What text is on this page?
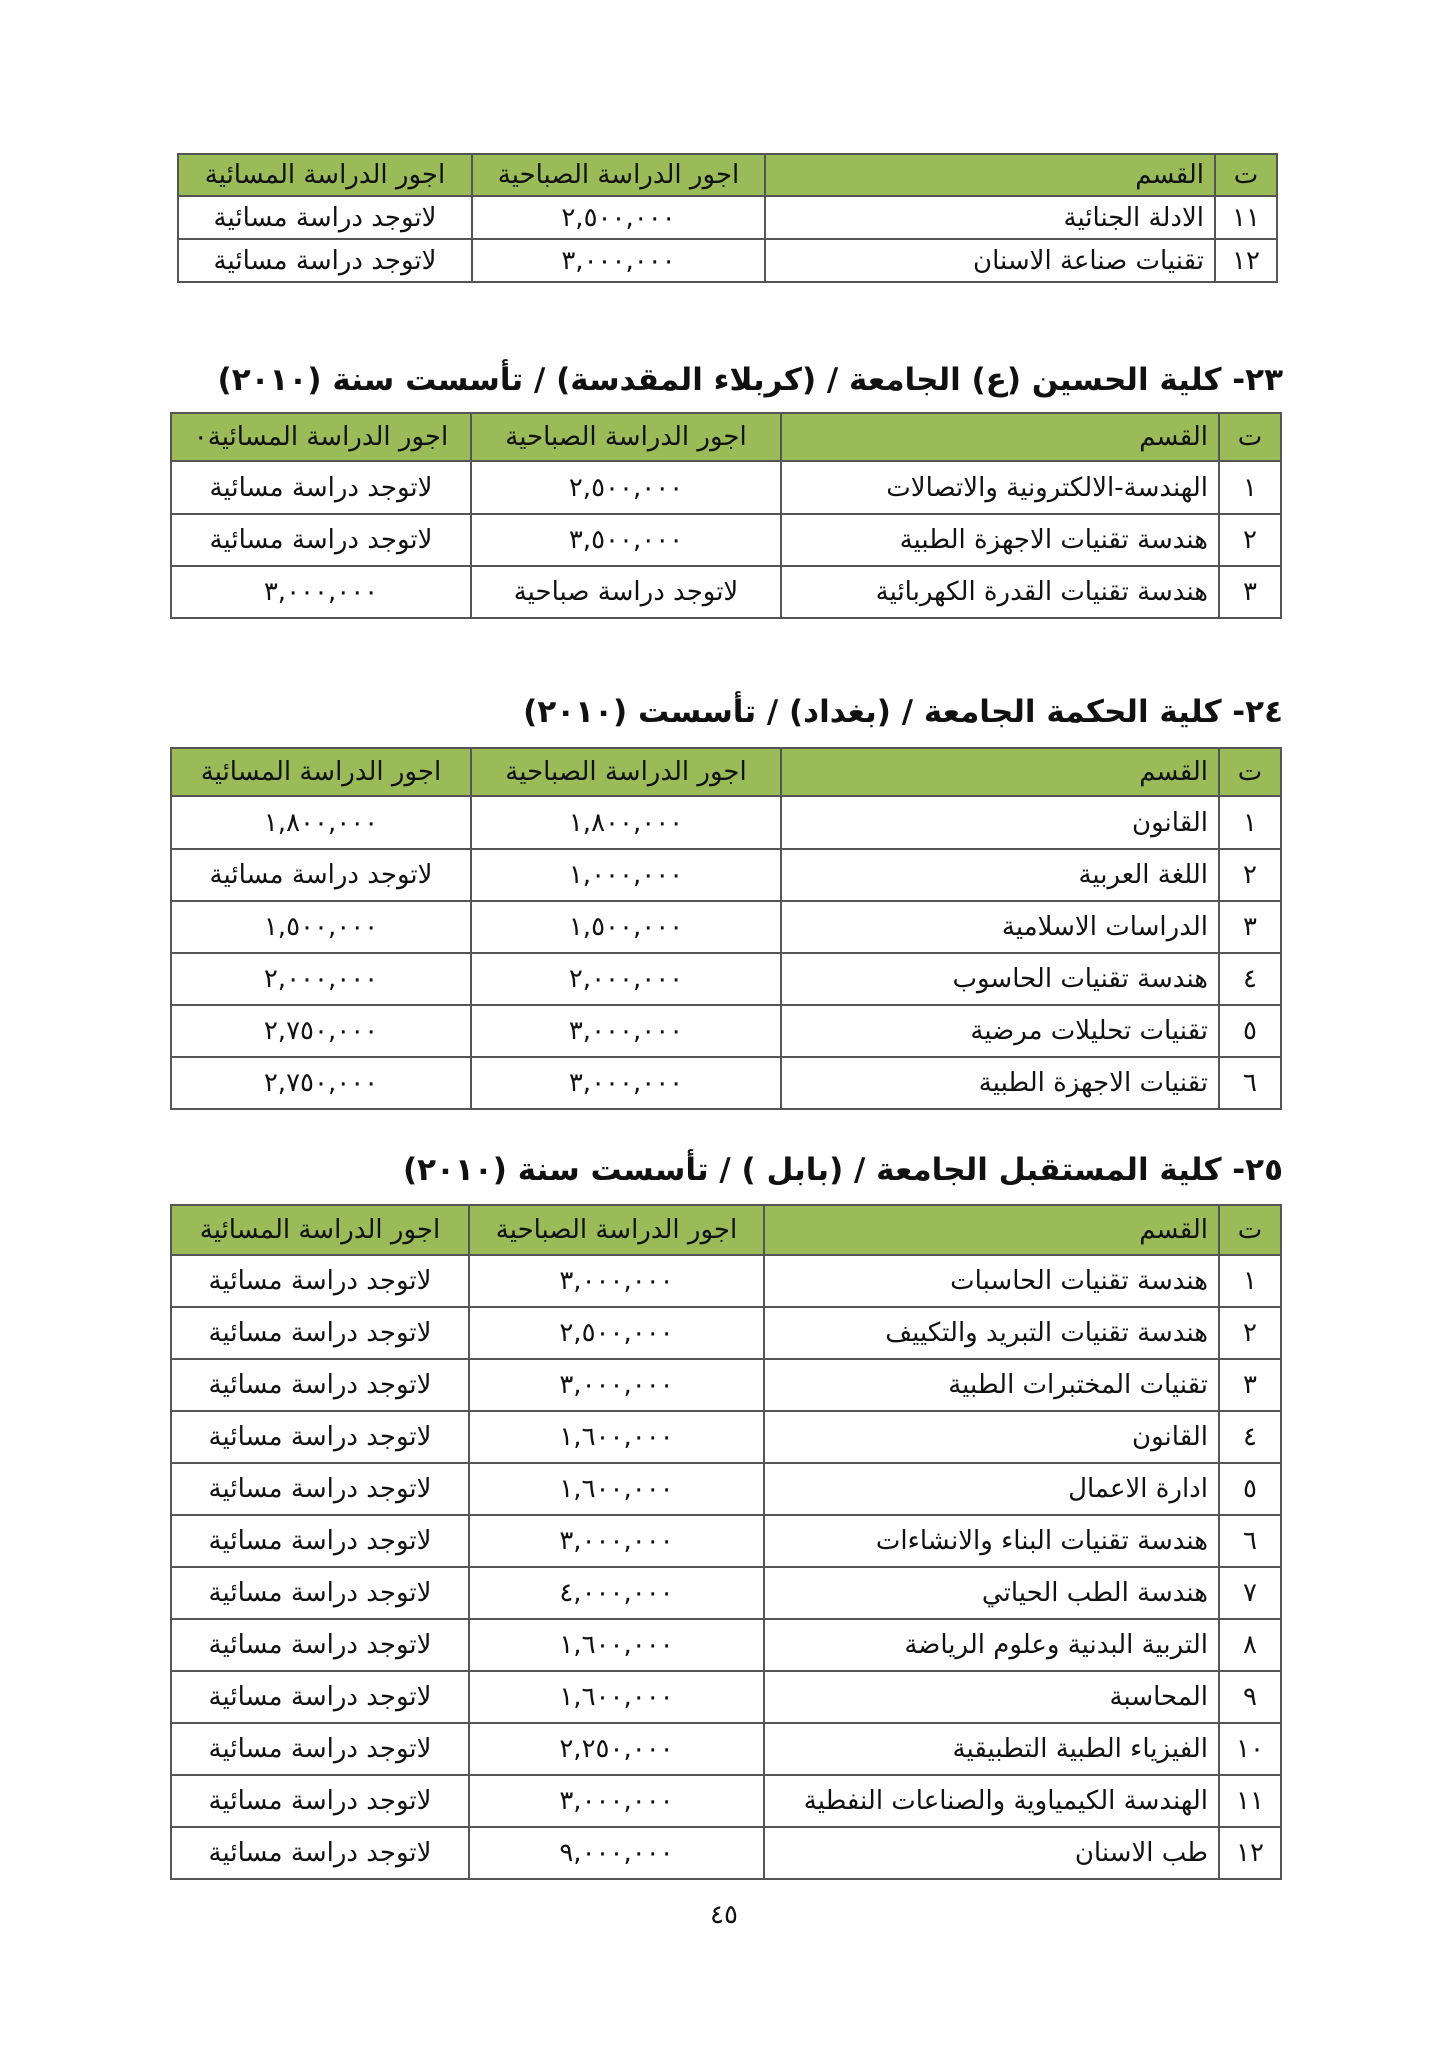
ت	القسم	اجور الدراسة الصباحية	اجور الدراسة المسائية
١١	الادلة الجنائية	٢,٥٠٠,٠٠٠	لاتوجد دراسة مسائية
١٢	تقنيات صناعة الاسنان	٣,٠٠٠,٠٠٠	لاتوجد دراسة مسائية
٢٣- كلية الحسين (ع) الجامعة / (كربلاء المقدسة) / تأسست سنة (٢٠١٠)
ت	القسم	اجور الدراسة الصباحية	اجور الدراسة المسائية٠
١	الهندسة-الالكترونية والاتصالات	٢,٥٠٠,٠٠٠	لاتوجد دراسة مسائية
٢	هندسة تقنيات الاجهزة الطبية	٣,٥٠٠,٠٠٠	لاتوجد دراسة مسائية
٣	هندسة تقنيات القدرة الكهربائية	لاتوجد دراسة صباحية	٣,٠٠٠,٠٠٠
٢٤- كلية الحكمة الجامعة / (بغداد) / تأسست (٢٠١٠)
ت	القسم	اجور الدراسة الصباحية	اجور الدراسة المسائية
١	القانون	١,٨٠٠,٠٠٠	١,٨٠٠,٠٠٠
٢	اللغة العربية	١,٠٠٠,٠٠٠	لاتوجد دراسة مسائية
٣	الدراسات الاسلامية	١,٥٠٠,٠٠٠	١,٥٠٠,٠٠٠
٤	هندسة تقنيات الحاسوب	٢,٠٠٠,٠٠٠	٢,٠٠٠,٠٠٠
٥	تقنيات تحليلات مرضية	٣,٠٠٠,٠٠٠	٢,٧٥٠,٠٠٠
٦	تقنيات الاجهزة الطبية	٣,٠٠٠,٠٠٠	٢,٧٥٠,٠٠٠
٢٥- كلية المستقبل الجامعة / (بابل ) / تأسست سنة (٢٠١٠)
ت	القسم	اجور الدراسة الصباحية	اجور الدراسة المسائية
١	هندسة تقنيات الحاسبات	٣,٠٠٠,٠٠٠	لاتوجد دراسة مسائية
٢	هندسة تقنيات التبريد والتكييف	٢,٥٠٠,٠٠٠	لاتوجد دراسة مسائية
٣	تقنيات المختبرات الطبية	٣,٠٠٠,٠٠٠	لاتوجد دراسة مسائية
٤	القانون	١,٦٠٠,٠٠٠	لاتوجد دراسة مسائية
٥	ادارة الاعمال	١,٦٠٠,٠٠٠	لاتوجد دراسة مسائية
٦	هندسة تقنيات البناء والانشاءات	٣,٠٠٠,٠٠٠	لاتوجد دراسة مسائية
٧	هندسة الطب الحياتي	٤,٠٠٠,٠٠٠	لاتوجد دراسة مسائية
٨	التربية البدنية وعلوم الرياضة	١,٦٠٠,٠٠٠	لاتوجد دراسة مسائية
٩	المحاسبة	١,٦٠٠,٠٠٠	لاتوجد دراسة مسائية
١٠	الفيزياء الطبية التطبيقية	٢,٢٥٠,٠٠٠	لاتوجد دراسة مسائية
١١	الهندسة الكيمياوية والصناعات النفطية	٣,٠٠٠,٠٠٠	لاتوجد دراسة مسائية
١٢	طب الاسنان	٩,٠٠٠,٠٠٠	لاتوجد دراسة مسائية
٤٥
